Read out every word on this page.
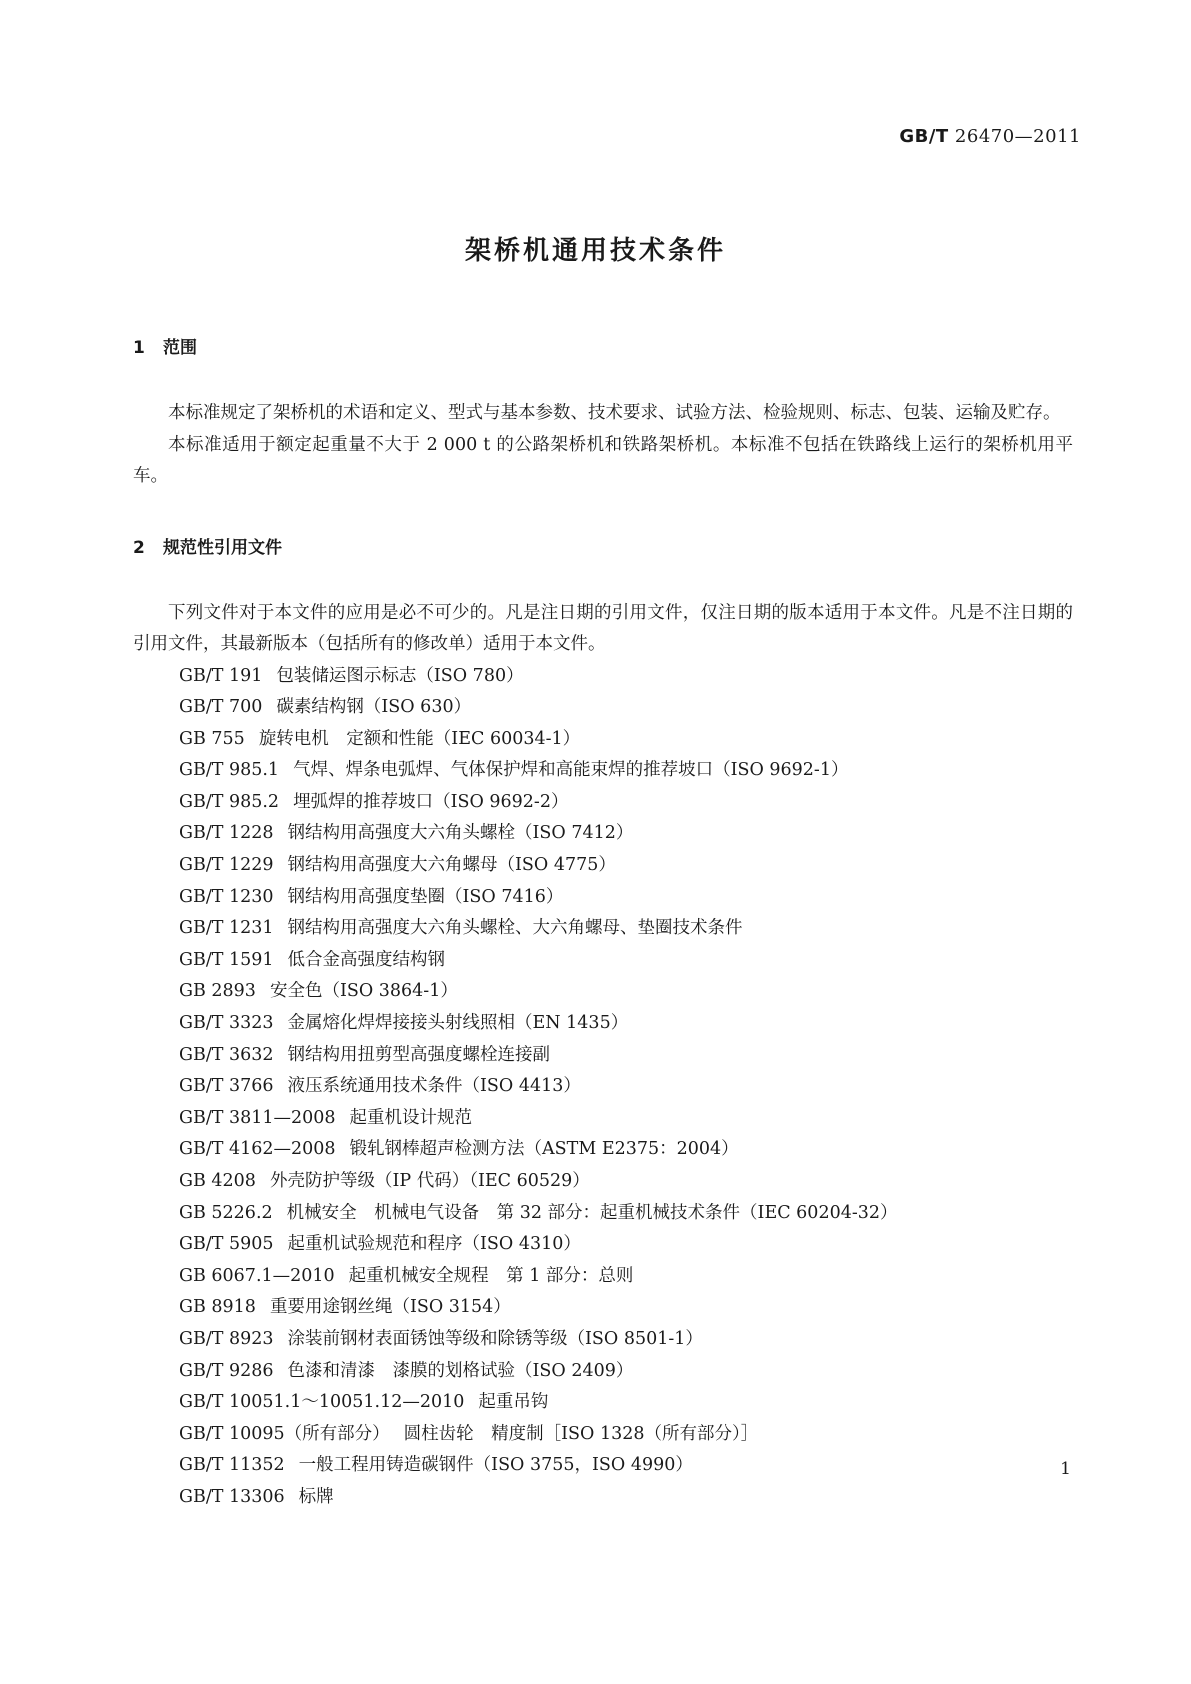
GB/T 26470—2011
架桥机通用技术条件
1 范围

本标准规定了架桥机的术语和定义、型式与基本参数、技术要求、试验方法、检验规则、标志、包装、运输及贮存。

本标准适用于额定起重量不大于 2 000 t 的公路架桥机和铁路架桥机。本标准不包括在铁路线上运行的架桥机用平车。

2 规范性引用文件

下列文件对于本文件的应用是必不可少的。凡是注日期的引用文件，仅注日期的版本适用于本文件。凡是不注日期的引用文件，其最新版本（包括所有的修改单）适用于本文件。

GB/T 191 包装储运图示标志（ISO 780）
GB/T 700 碳素结构钢（ISO 630）
GB 755 旋转电机　定额和性能（IEC 60034-1）
GB/T 985.1 气焊、焊条电弧焊、气体保护焊和高能束焊的推荐坡口（ISO 9692-1）
GB/T 985.2 埋弧焊的推荐坡口（ISO 9692-2）
GB/T 1228 钢结构用高强度大六角头螺栓（ISO 7412）
GB/T 1229 钢结构用高强度大六角螺母（ISO 4775）
GB/T 1230 钢结构用高强度垫圈（ISO 7416）
GB/T 1231 钢结构用高强度大六角头螺栓、大六角螺母、垫圈技术条件
GB/T 1591 低合金高强度结构钢
GB 2893 安全色（ISO 3864-1）
GB/T 3323 金属熔化焊焊接接头射线照相（EN 1435）
GB/T 3632 钢结构用扭剪型高强度螺栓连接副
GB/T 3766 液压系统通用技术条件（ISO 4413）
GB/T 3811—2008 起重机设计规范
GB/T 4162—2008 锻轧钢棒超声检测方法（ASTM E2375：2004）
GB 4208 外壳防护等级（IP 代码）（IEC 60529）
GB 5226.2 机械安全　机械电气设备　第 32 部分：起重机械技术条件（IEC 60204-32）
GB/T 5905 起重机试验规范和程序（ISO 4310）
GB 6067.1—2010 起重机械安全规程　第 1 部分：总则
GB 8918 重要用途钢丝绳（ISO 3154）
GB/T 8923 涂装前钢材表面锈蚀等级和除锈等级（ISO 8501-1）
GB/T 9286 色漆和清漆　漆膜的划格试验（ISO 2409）
GB/T 10051.1～10051.12—2010 起重吊钩
GB/T 10095（所有部分） 圆柱齿轮　精度制［ISO 1328（所有部分）］
GB/T 11352 一般工程用铸造碳钢件（ISO 3755，ISO 4990）
GB/T 13306 标牌
1
